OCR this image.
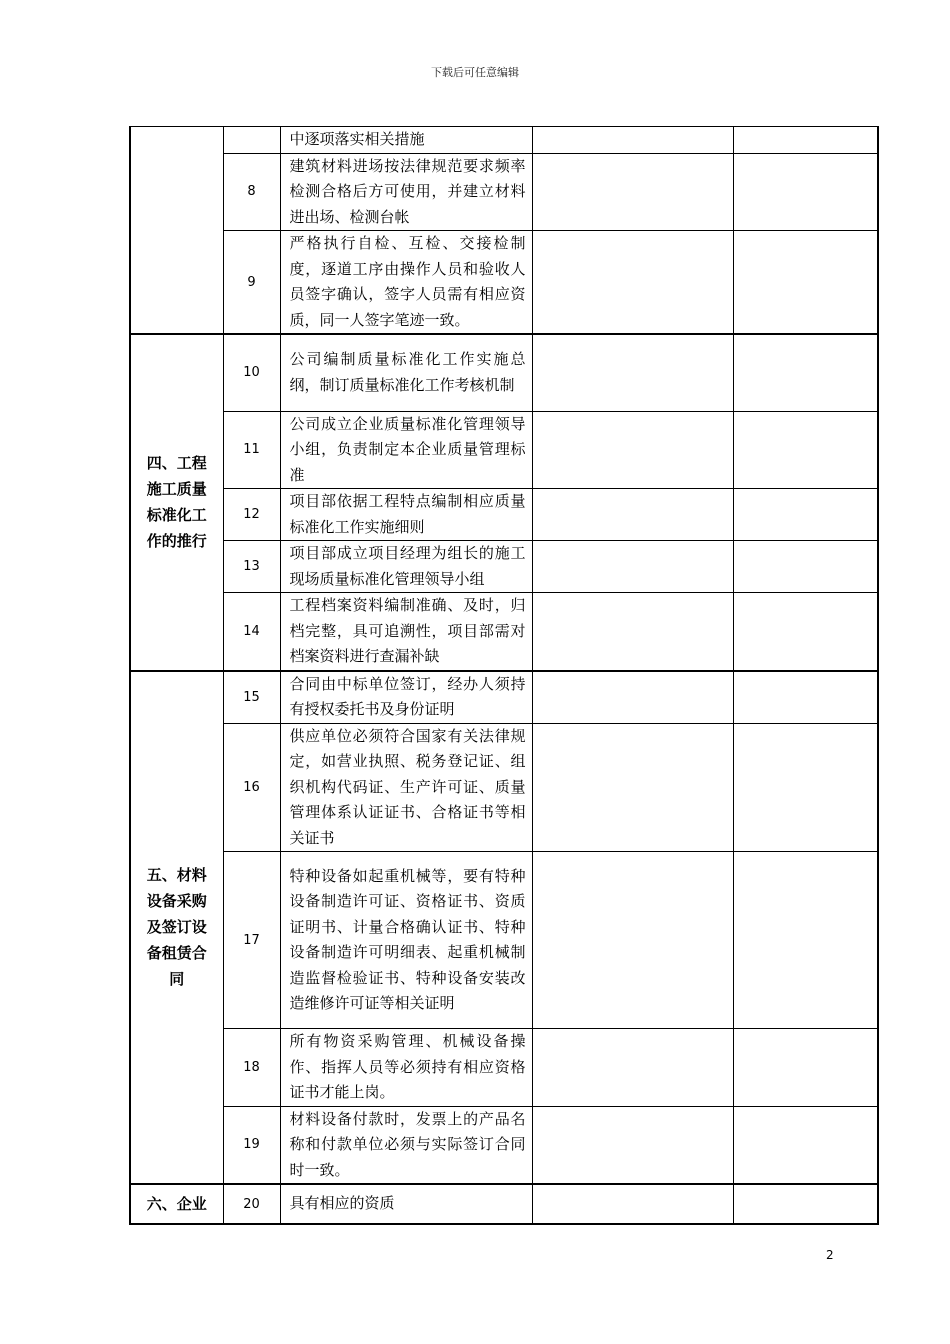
下载后可任意编辑
		中逐项落实相关措施		
	8	建筑材料进场按法律规范要求频率检测合格后方可使用，并建立材料进出场、检测台帐		
	9	严格执行自检、互检、交接检制度，逐道工序由操作人员和验收人员签字确认，签字人员需有相应资质，同一人签字笔迹一致。		
四、工程施工质量标准化工作的推行	10	公司编制质量标准化工作实施总纲，制订质量标准化工作考核机制		
	11	公司成立企业质量标准化管理领导小组，负责制定本企业质量管理标准		
	12	项目部依据工程特点编制相应质量标准化工作实施细则		
	13	项目部成立项目经理为组长的施工现场质量标准化管理领导小组		
	14	工程档案资料编制准确、及时，归档完整，具可追溯性，项目部需对档案资料进行查漏补缺		
五、材料设备采购及签订设备租赁合同	15	合同由中标单位签订，经办人须持有授权委托书及身份证明		
	16	供应单位必须符合国家有关法律规定，如营业执照、税务登记证、组织机构代码证、生产许可证、质量管理体系认证证书、合格证书等相关证书		
	17	特种设备如起重机械等，要有特种设备制造许可证、资格证书、资质证明书、计量合格确认证书、特种设备制造许可明细表、起重机械制造监督检验证书、特种设备安装改造维修许可证等相关证明		
	18	所有物资采购管理、机械设备操作、指挥人员等必须持有相应资格证书才能上岗。		
	19	材料设备付款时，发票上的产品名称和付款单位必须与实际签订合同时一致。		
六、企业	20	具有相应的资质		
2
